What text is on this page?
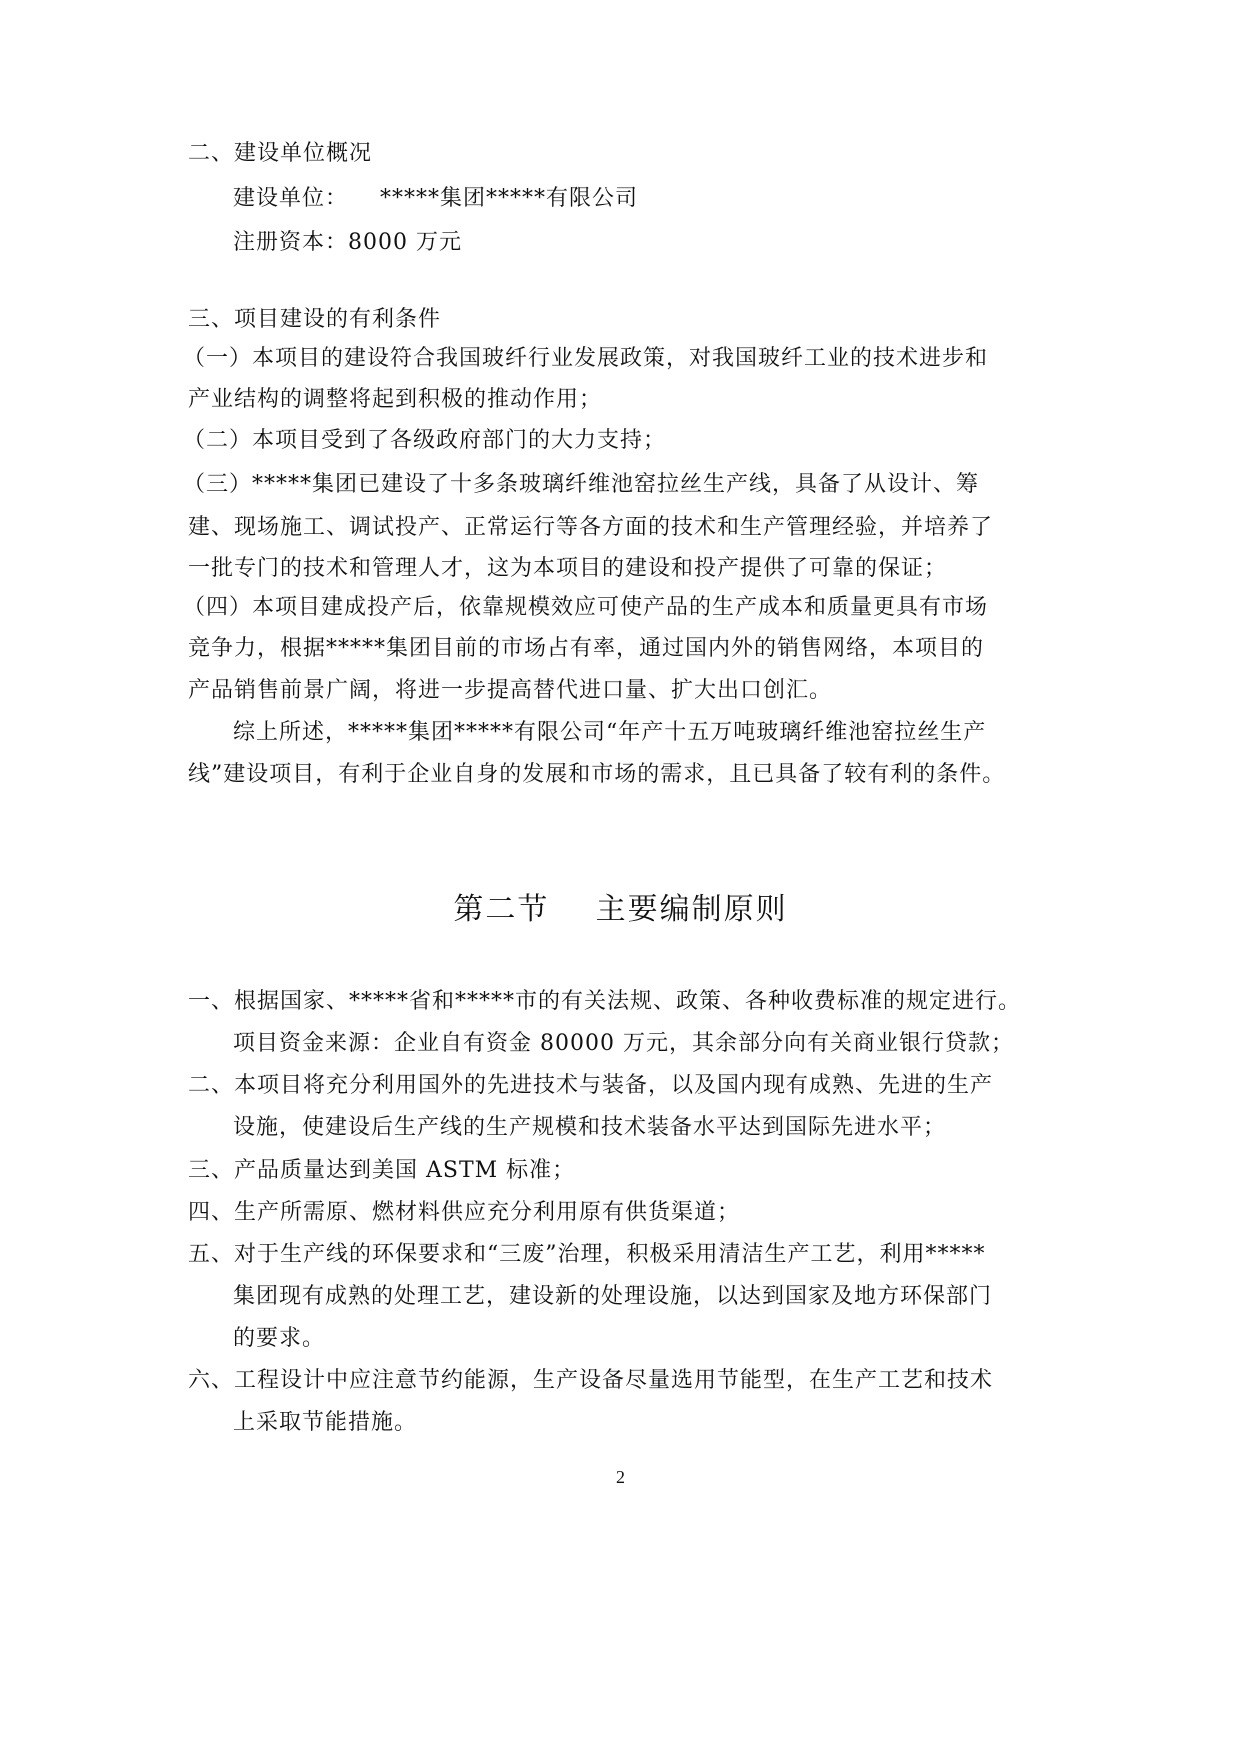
二、建设单位概况
建设单位：    *****集团*****有限公司
注册资本：8000 万元
三、项目建设的有利条件
（一）本项目的建设符合我国玻纤行业发展政策，对我国玻纤工业的技术进步和
产业结构的调整将起到积极的推动作用；
（二）本项目受到了各级政府部门的大力支持；
（三）*****集团已建设了十多条玻璃纤维池窑拉丝生产线，具备了从设计、筹
建、现场施工、调试投产、正常运行等各方面的技术和生产管理经验，并培养了
一批专门的技术和管理人才，这为本项目的建设和投产提供了可靠的保证；
（四）本项目建成投产后，依靠规模效应可使产品的生产成本和质量更具有市场
竞争力，根据*****集团目前的市场占有率，通过国内外的销售网络，本项目的
产品销售前景广阔，将进一步提高替代进口量、扩大出口创汇。
综上所述，*****集团*****有限公司“年产十五万吨玻璃纤维池窑拉丝生产
线”建设项目，有利于企业自身的发展和市场的需求，且已具备了较有利的条件。
第二节    主要编制原则
一、根据国家、*****省和*****市的有关法规、政策、各种收费标准的规定进行。
项目资金来源：企业自有资金 80000 万元，其余部分向有关商业银行贷款；
二、本项目将充分利用国外的先进技术与装备，以及国内现有成熟、先进的生产
设施，使建设后生产线的生产规模和技术装备水平达到国际先进水平；
三、产品质量达到美国 ASTM 标准；
四、生产所需原、燃材料供应充分利用原有供货渠道；
五、对于生产线的环保要求和“三废”治理，积极采用清洁生产工艺，利用*****
集团现有成熟的处理工艺，建设新的处理设施，以达到国家及地方环保部门
的要求。
六、工程设计中应注意节约能源，生产设备尽量选用节能型，在生产工艺和技术
上采取节能措施。
2
